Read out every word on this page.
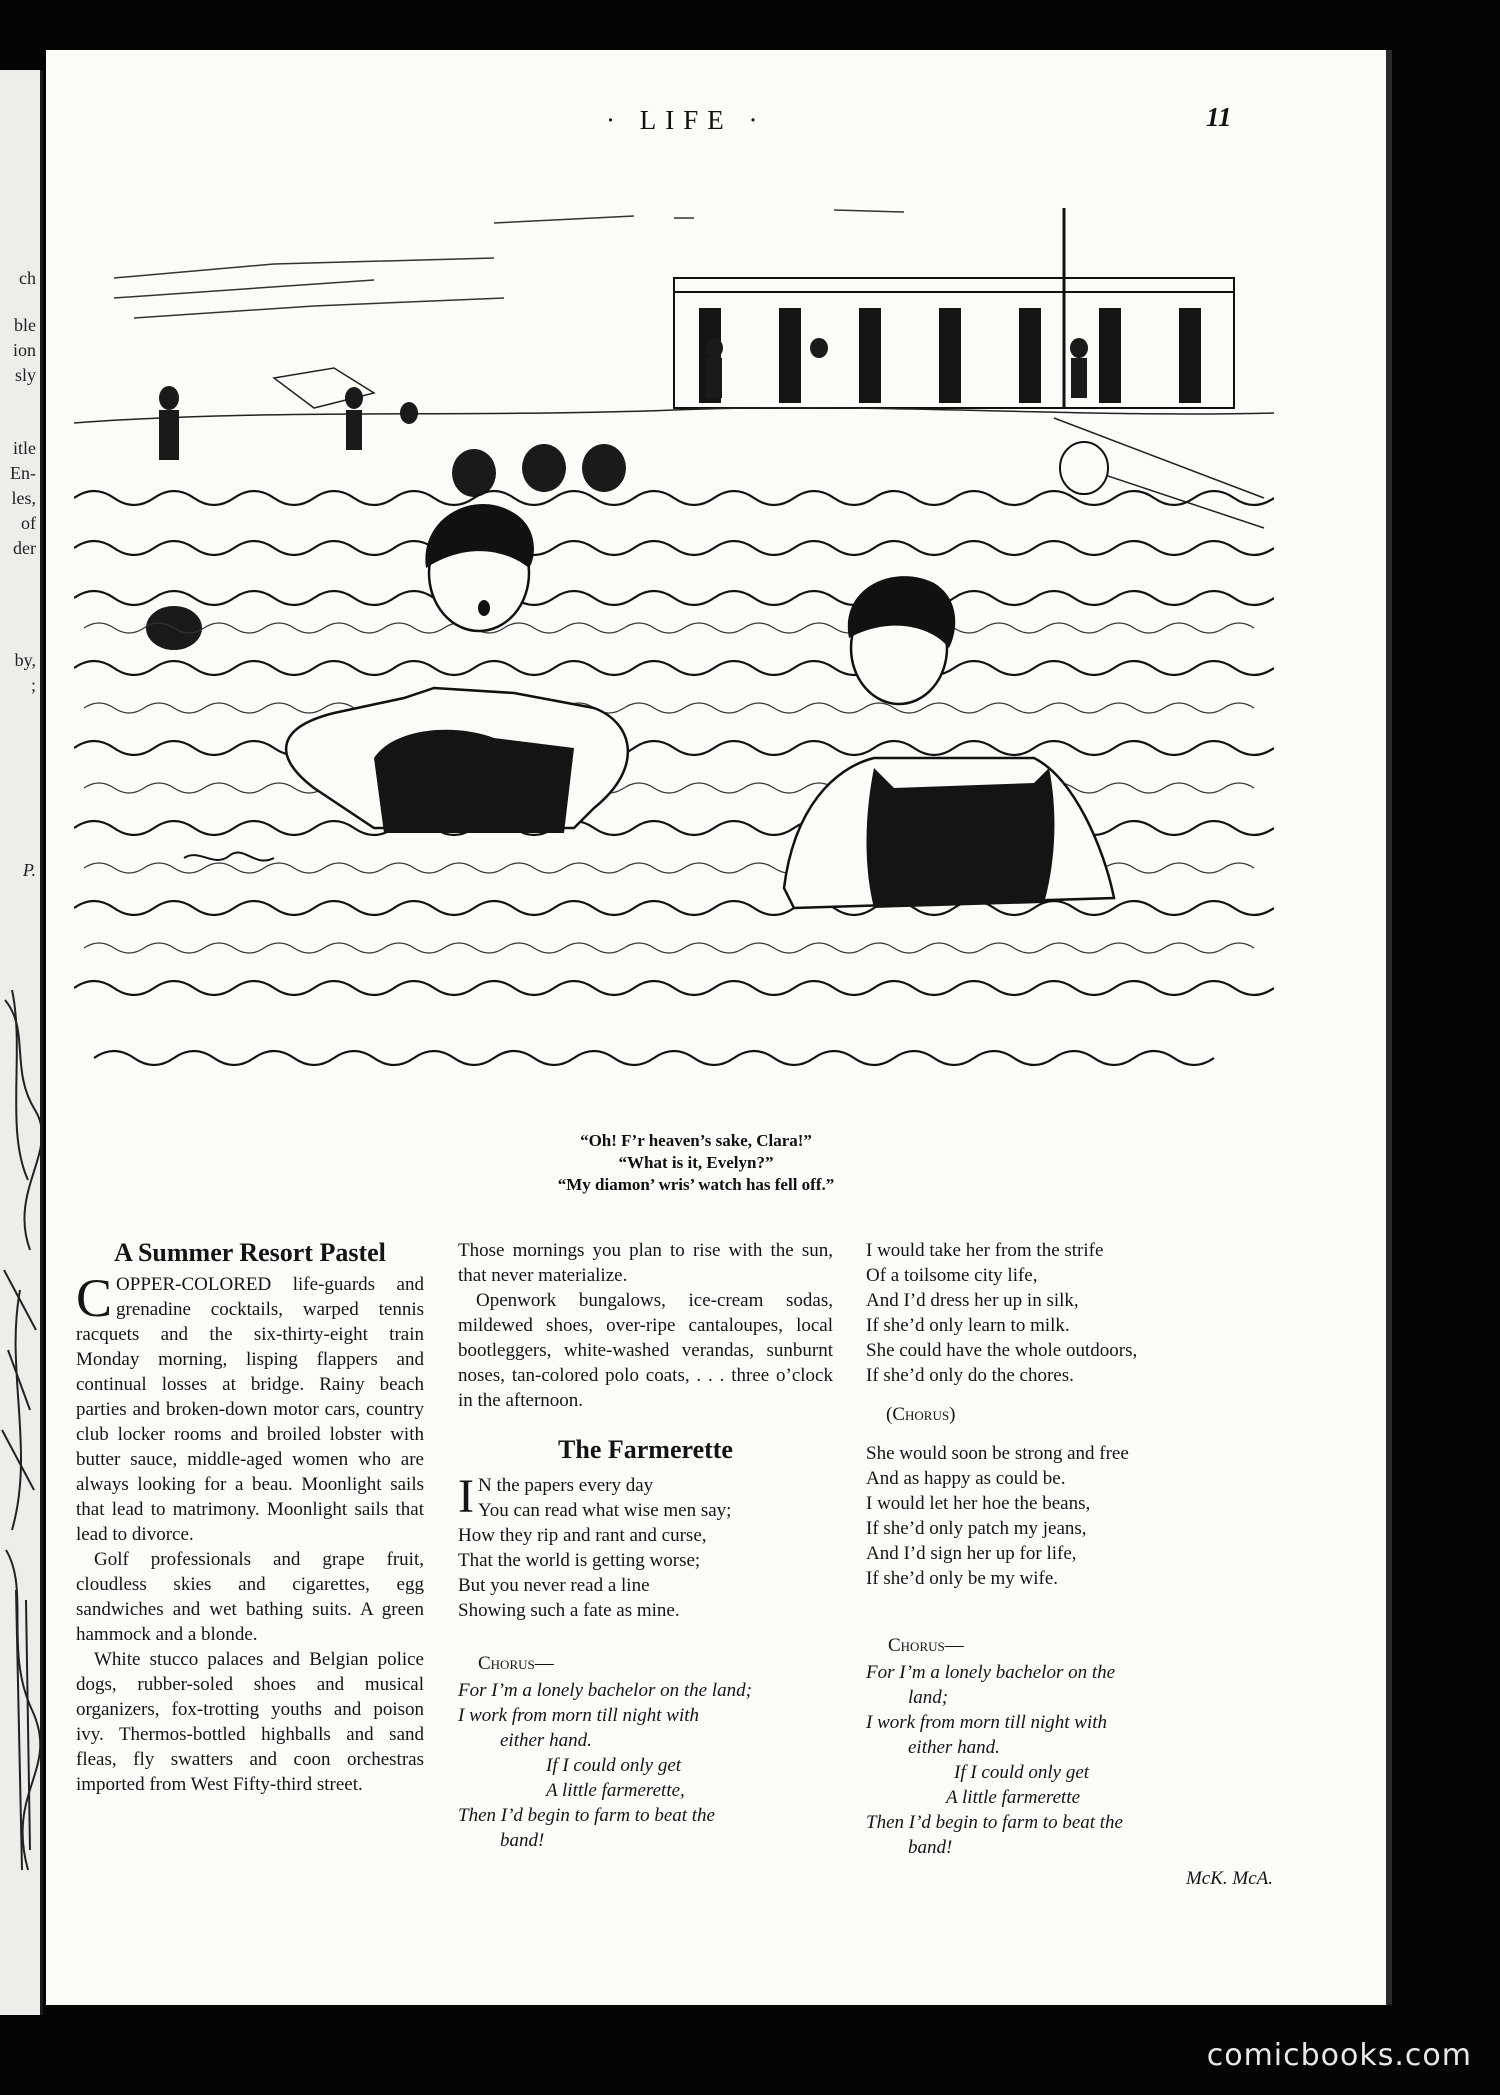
ch
ble
ion
sly
itle
En-
les,
of
der
by,
;
P.
· LIFE ·	11
“Oh! F’r heaven’s sake, Clara!”
“What is it, Evelyn?”
“My diamon’ wris’ watch has fell off.”
A Summer Resort Pastel

COPPER-COLORED life-guards and grenadine cocktails, warped tennis racquets and the six-thirty-eight train Monday morning, lisping flappers and continual losses at bridge. Rainy beach parties and broken-down motor cars, country club locker rooms and broiled lobster with butter sauce, middle-aged women who are always looking for a beau. Moonlight sails that lead to matrimony. Moonlight sails that lead to divorce.

Golf professionals and grape fruit, cloudless skies and cigarettes, egg sandwiches and wet bathing suits. A green hammock and a blonde.

White stucco palaces and Belgian police dogs, rubber-soled shoes and musical organizers, fox-trotting youths and poison ivy. Thermos-bottled highballs and sand fleas, fly swatters and coon orchestras imported from West Fifty-third street.

Those mornings you plan to rise with the sun, that never materialize.

Openwork bungalows, ice-cream sodas, mildewed shoes, over-ripe cantaloupes, local bootleggers, white-washed verandas, sunburnt noses, tan-colored polo coats, . . . three o’clock in the afternoon.

The Farmerette
I N the papers every day
You can read what wise men say;
How they rip and rant and curse,
That the world is getting worse;
But you never read a line
Showing such a fate as mine.
Chorus—
For I’m a lonely bachelor on the land;
I work from morn till night with
either hand.
If I could only get
A little farmerette,
Then I’d begin to farm to beat the
band!
I would take her from the strife
Of a toilsome city life,
And I’d dress her up in silk,
If she’d only learn to milk.
She could have the whole outdoors,
If she’d only do the chores.
(Chorus)
She would soon be strong and free
And as happy as could be.
I would let her hoe the beans,
If she’d only patch my jeans,
And I’d sign her up for life,
If she’d only be my wife.
Chorus—
For I’m a lonely bachelor on the
land;
I work from morn till night with
either hand.
If I could only get
A little farmerette
Then I’d begin to farm to beat the
band!
McK. McA.
comicbooks.com
